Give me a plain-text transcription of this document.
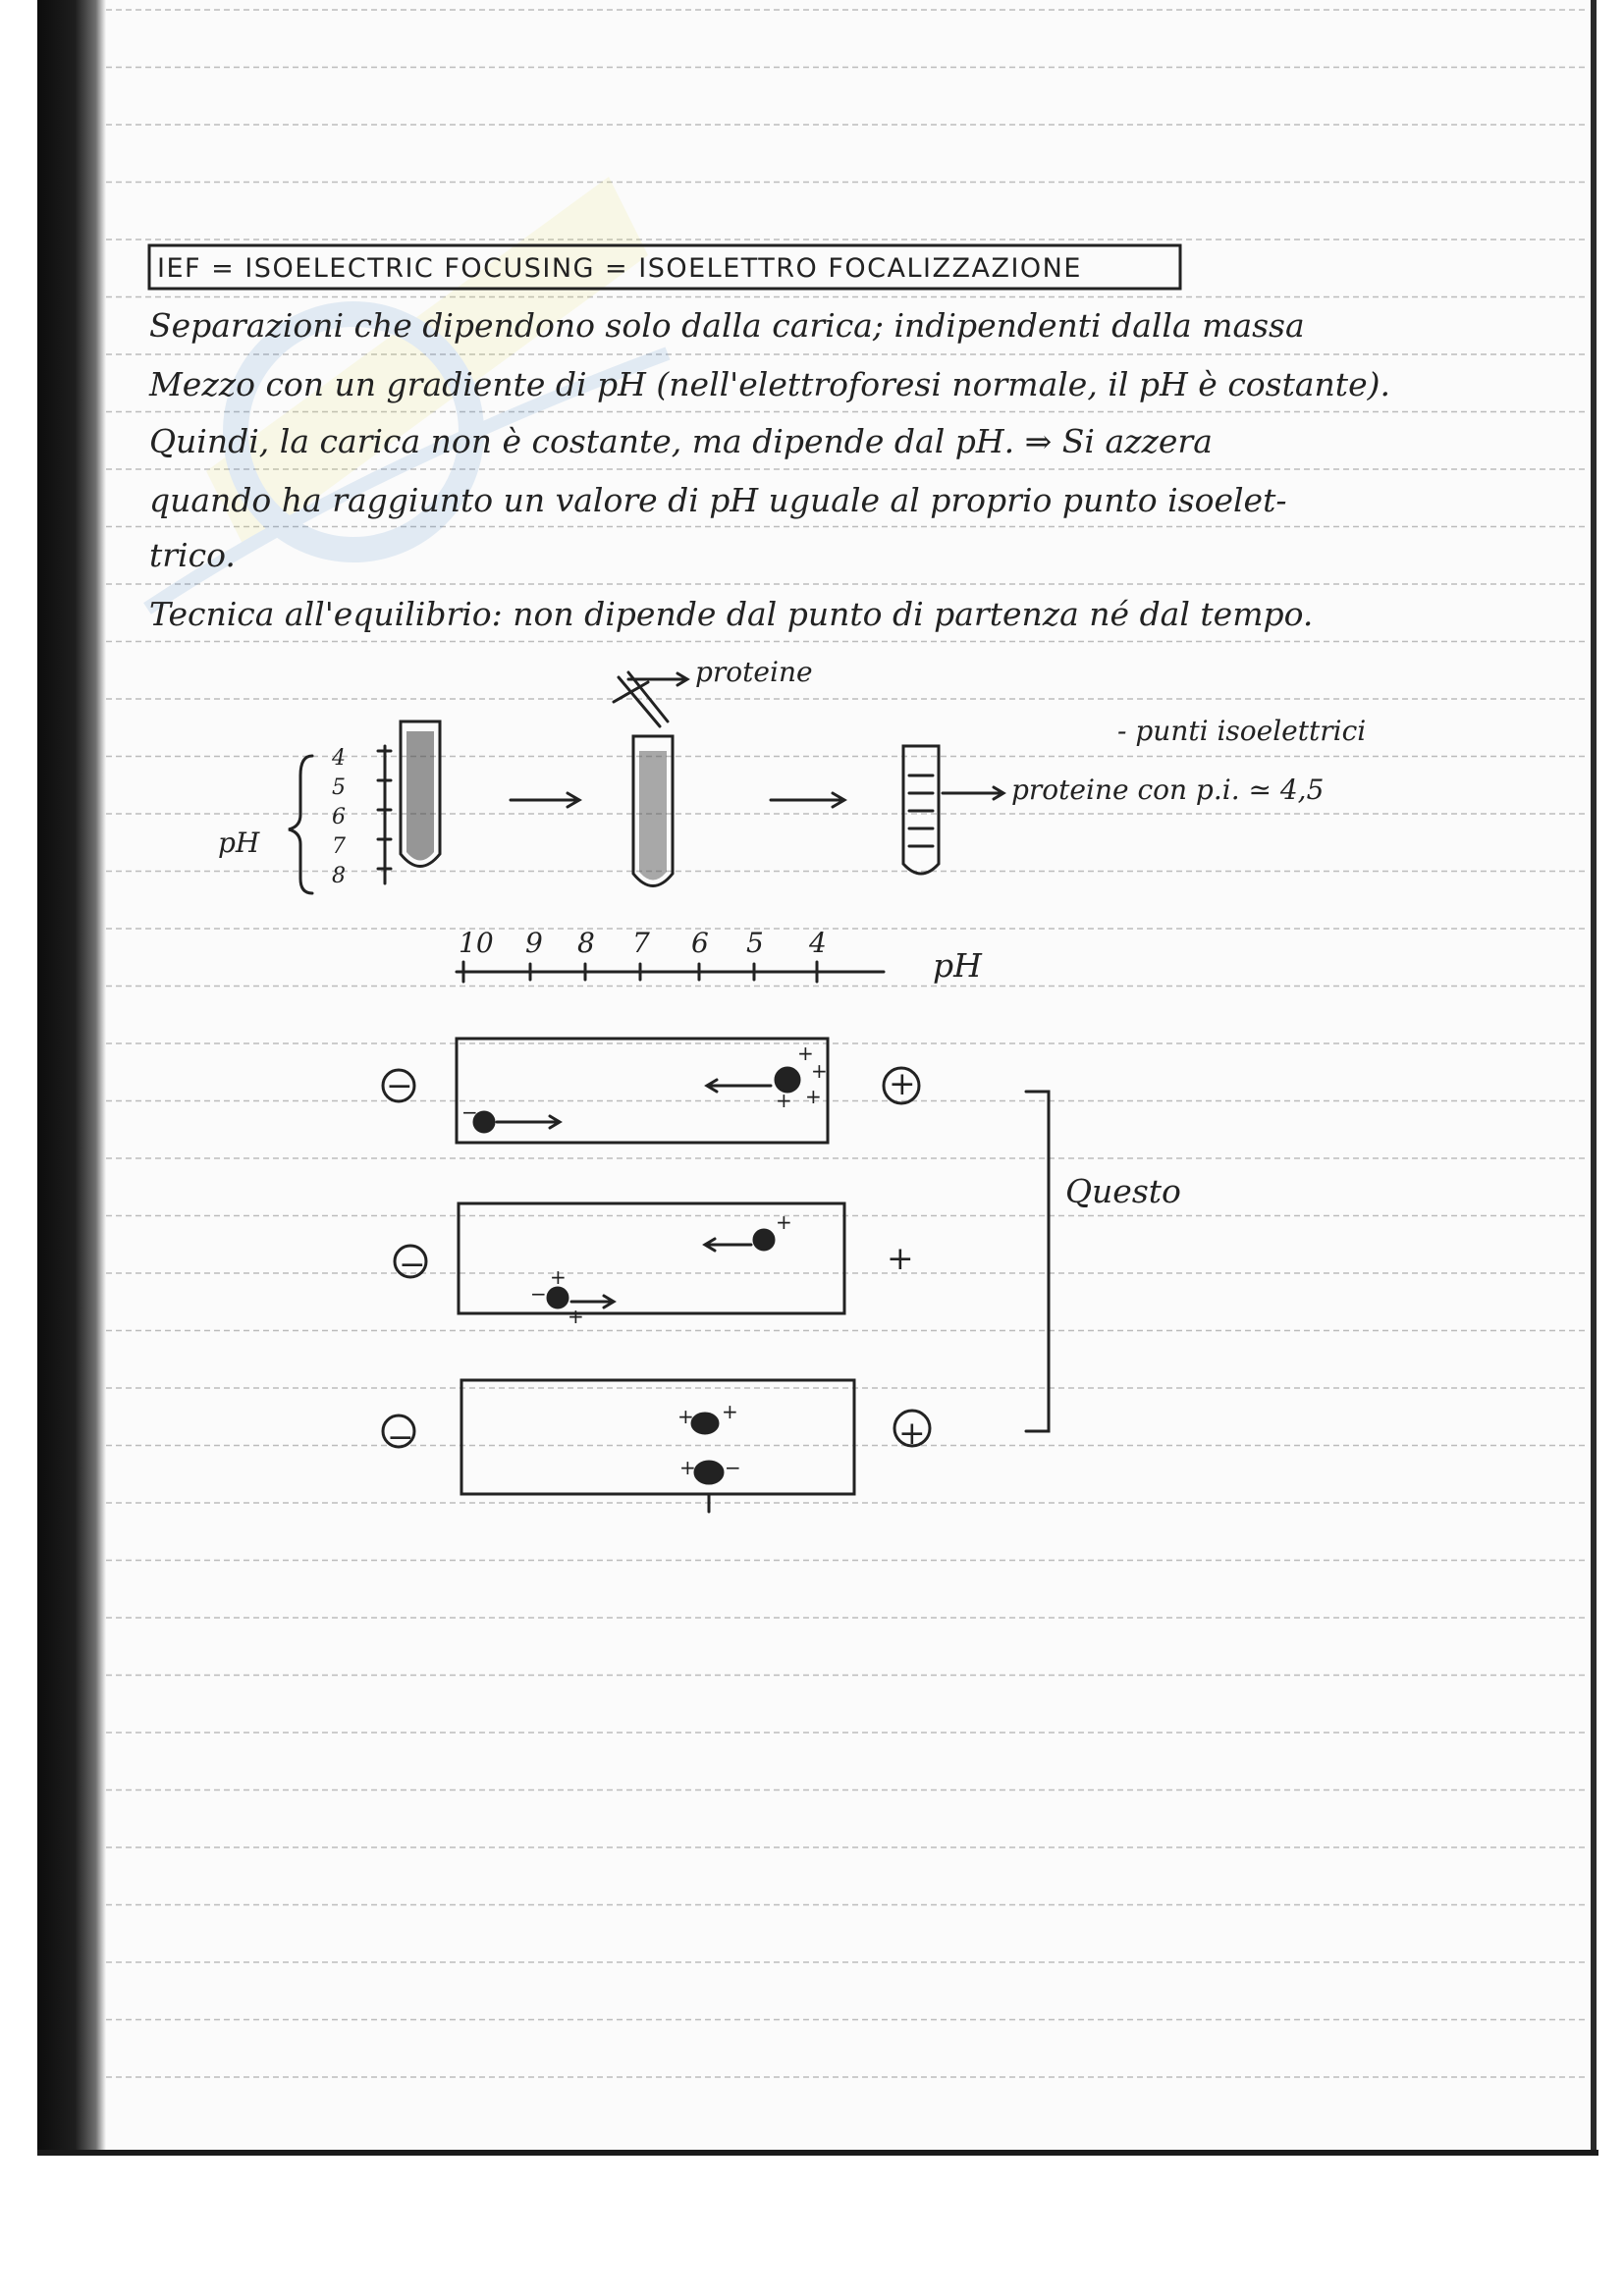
IEF = ISOELECTRIC FOCUSING = ISOELETTRO FOCALIZZAZIONE
Separazioni che dipendono solo dalla carica; indipendenti dalla massa
Mezzo con un gradiente di pH (nell'elettroforesi normale, il pH è costante).
Quindi, la carica non è costante, ma dipende dal pH. ⇒ Si azzera
quando ha raggiunto un valore di pH uguale al proprio punto isoelet-
trico.
Tecnica all'equilibrio: non dipende dal punto di partenza né dal tempo.
proteine
- punti isoelettrici
proteine con p.i. ≃ 4,5
pH
4
5
6
7
8
10 9 8 7 6 5 4
pH
−	+
−	+
−	+
Questo
−
+
+
+
+
−
+
+
+
+ +
+ −
